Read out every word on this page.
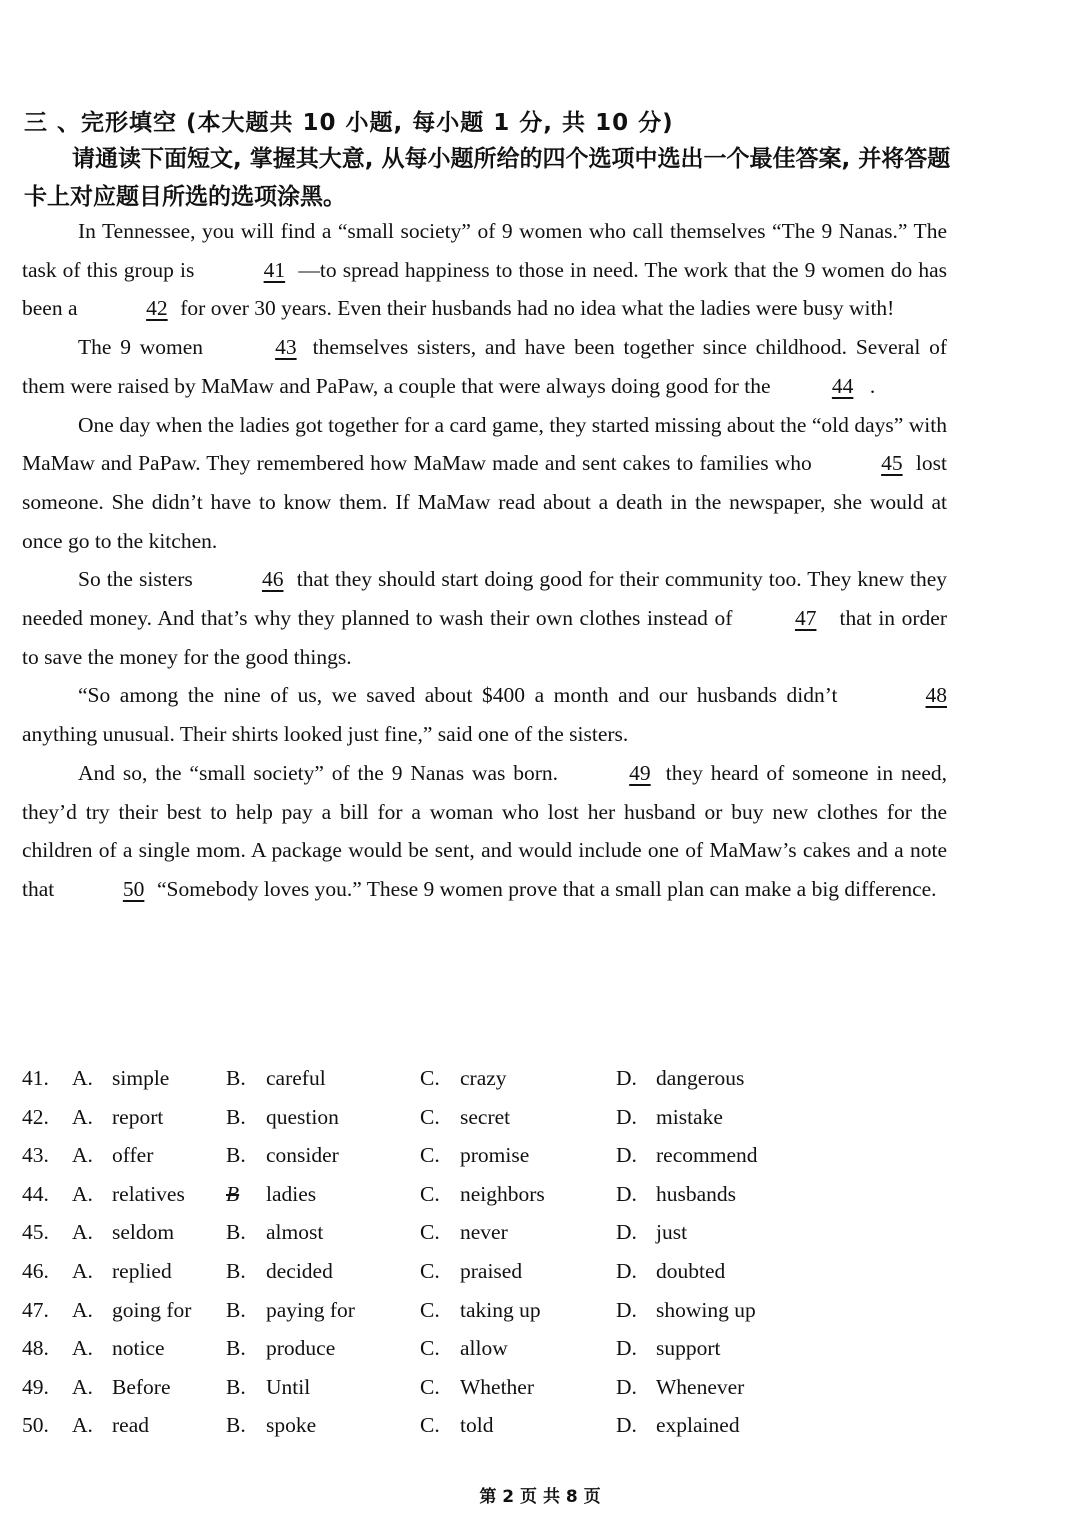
三 、完形填空 (本大题共 10 小题, 每小题 1 分, 共 10 分)
请通读下面短文, 掌握其大意, 从每小题所给的四个选项中选出一个最佳答案, 并将答题卡上对应题目所选的选项涂黑。

In Tennessee, you will find a “small society” of 9 women who call themselves “The 9 Nanas.” The task of this group is	41 —to spread happiness to those in need. The work that the 9 women do has been a	42 for over 30 years. Even their husbands had no idea what the ladies were busy with!

The 9 women	43 themselves sisters, and have been together since childhood. Several of them were raised by MaMaw and PaPaw, a couple that were always doing good for the	44 .

One day when the ladies got together for a card game, they started missing about the “old days” with MaMaw and PaPaw. They remembered how MaMaw made and sent cakes to families who	45 lost someone. She didn’t have to know them. If MaMaw read about a death in the newspaper, she would at once go to the kitchen.

So the sisters	46 that they should start doing good for their community too. They knew they needed money. And that’s why they planned to wash their own clothes instead of	47 that in order to save the money for the good things.

“So among the nine of us, we saved about $400 a month and our husbands didn’t	48 anything unusual. Their shirts looked just fine,” said one of the sisters.

And so, the “small society” of the 9 Nanas was born.	49 they heard of someone in need, they’d try their best to help pay a bill for a woman who lost her husband or buy new clothes for the children of a single mom. A package would be sent, and would include one of MaMaw’s cakes and a note that	50 “Somebody loves you.” These 9 women prove that a small plan can make a big difference.

41. A. simple	B. careful	C. crazy	D. dangerous
42. A. report	B. question	C. secret	D. mistake
43. A. offer	B. consider	C. promise	D. recommend
44. A. relatives B ladies	C. neighbors	D. husbands
45. A. seldom B. almost	C. never	D. just
46. A. replied	B. decided	C. praised	D. doubted
47. A. going for B. paying for	C. taking up	D. showing up
48. A. notice	B. produce	C. allow	D. support
49. A. Before	B. Until	C. Whether	D. Whenever
50. A. read	B. spoke	C. told	D. explained
第 2 页 共 8 页
